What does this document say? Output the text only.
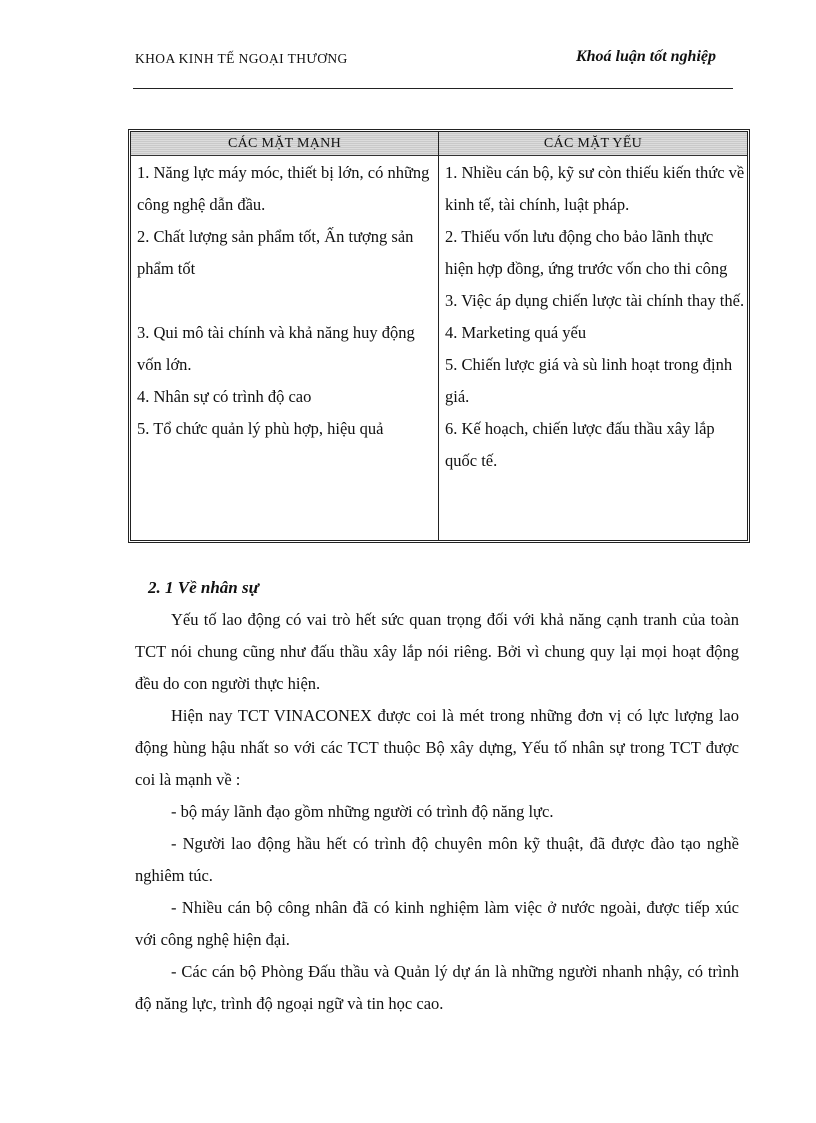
KHOA KINH TẾ NGOẠI THƯƠNG	Khoá luận tốt nghiệp
CÁC MẶT MẠNH	CÁC MẶT YẾU

1. Năng lực máy móc, thiết bị lớn, có những công nghệ dẫn đầu.

2. Chất lượng sản phẩm tốt, Ấn tượng sản phẩm tốt

3. Qui mô tài chính và khả năng huy động vốn lớn.

4. Nhân sự có trình độ cao

5. Tổ chức quản lý phù hợp, hiệu quả

1. Nhiều cán bộ, kỹ sư còn thiếu kiến thức về kinh tế, tài chính, luật pháp.

2. Thiếu vốn lưu động cho bảo lãnh thực hiện hợp đồng, ứng trước vốn cho thi công

3. Việc áp dụng chiến lược tài chính thay thế.

4. Marketing quá yếu

5. Chiến lược giá và sù linh hoạt trong định giá.

6. Kế hoạch, chiến lược đấu thầu xây lắp quốc tế.

2. 1 Về nhân sự

Yếu tố lao động có vai trò hết sức quan trọng đối với khả năng cạnh tranh của toàn TCT nói chung cũng như đấu thầu xây lắp nói riêng. Bởi vì chung quy lại mọi hoạt động đều do con người thực hiện.

Hiện nay TCT VINACONEX được coi là mét trong những đơn vị có lực lượng lao động hùng hậu nhất so với các TCT thuộc Bộ xây dựng, Yếu tố nhân sự trong TCT được coi là mạnh về :

- bộ máy lãnh đạo gồm những người có trình độ năng lực.

- Người lao động hầu hết có trình độ chuyên môn kỹ thuật, đã được đào tạo nghề nghiêm túc.

- Nhiều cán bộ công nhân đã có kinh nghiệm làm việc ở nước ngoài, được tiếp xúc với công nghệ hiện đại.

- Các cán bộ Phòng Đấu thầu và Quản lý dự án là những người nhanh nhậy, có trình độ năng lực, trình độ ngoại ngữ và tin học cao.
